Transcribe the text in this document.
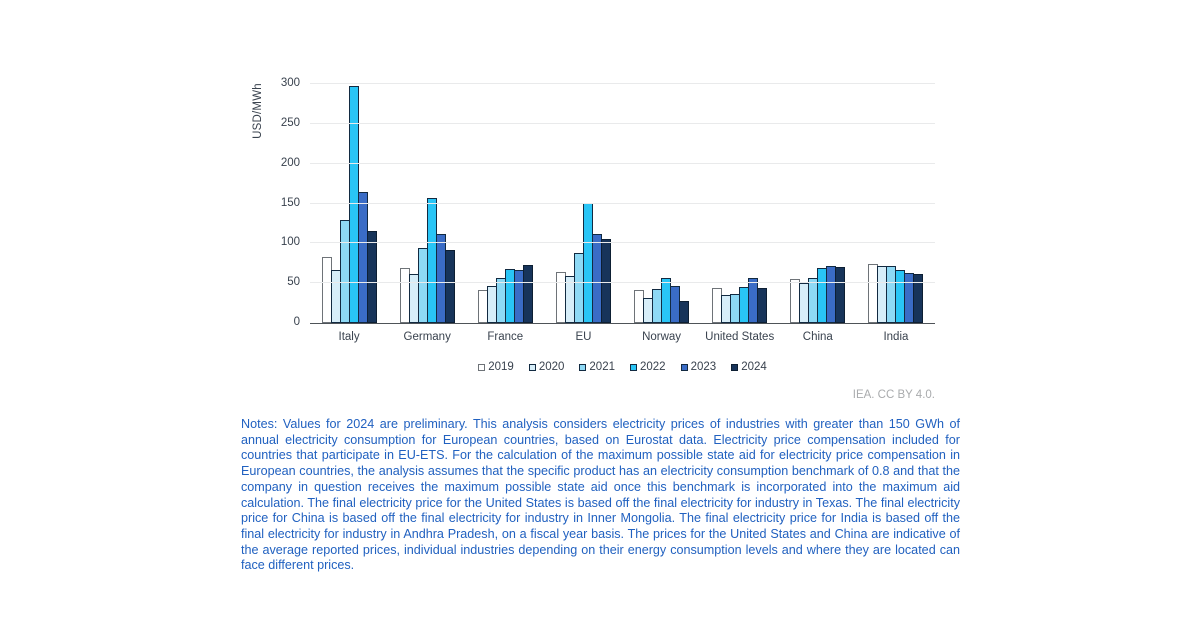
USD/MWh
0
50
100
150
200
250
300
Italy	Germany	France	EU	Norway	United States	China	India
2019 2020 2021 2022 2023 2024
IEA. CC BY 4.0.
Notes: Values for 2024 are preliminary. This analysis considers electricity prices of industries with greater than 150 GWh of annual electricity consumption for European countries, based on Eurostat data. Electricity price compensation included for countries that participate in EU-ETS. For the calculation of the maximum possible state aid for electricity price compensation in European countries, the analysis assumes that the specific product has an electricity consumption benchmark of 0.8 and that the company in question receives the maximum possible state aid once this benchmark is incorporated into the maximum aid calculation. The final electricity price for the United States is based off the final electricity for industry in Texas. The final electricity price for China is based off the final electricity for industry in Inner Mongolia. The final electricity price for India is based off the final electricity for industry in Andhra Pradesh, on a fiscal year basis. The prices for the United States and China are indicative of the average reported prices, individual industries depending on their energy consumption levels and where they are located can face different prices.
